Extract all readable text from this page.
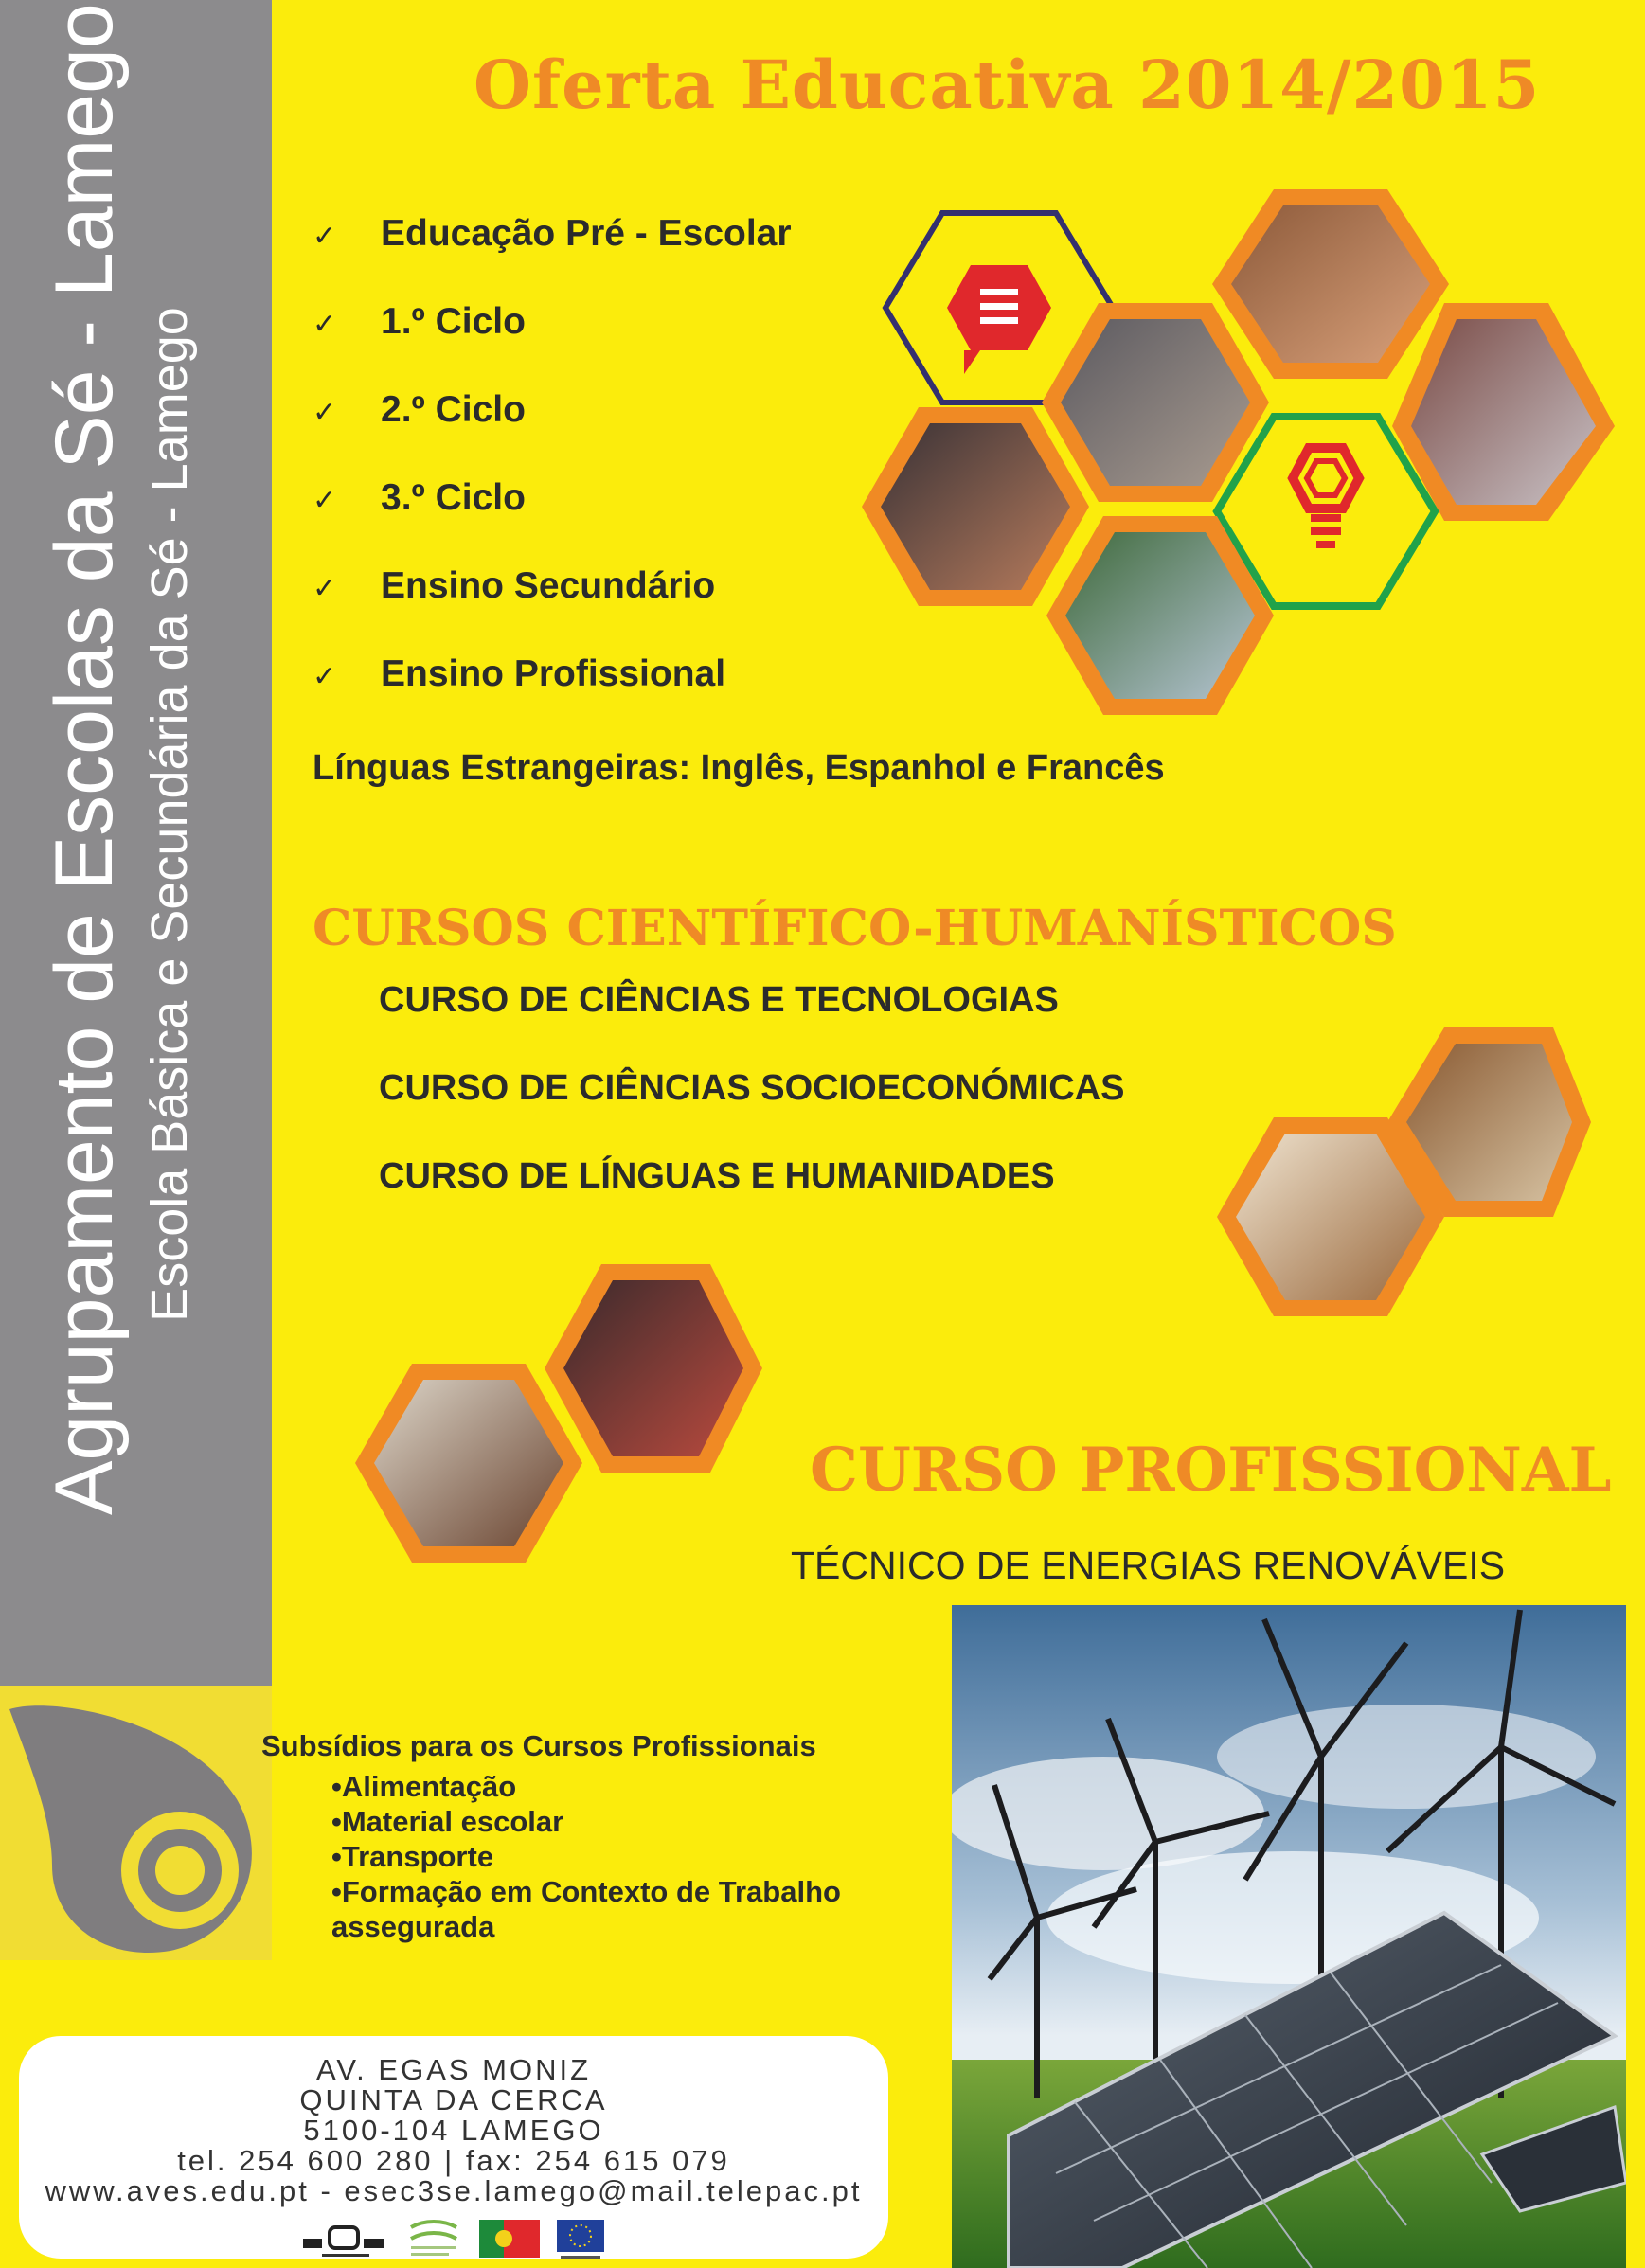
Agrupamento de Escolas da Sé - Lamego Escola Básica e Secundária da Sé - Lamego
Oferta Educativa 2014/2015
✓ Educação Pré - Escolar
✓ 1.º Ciclo
✓ 2.º Ciclo
✓ 3.º Ciclo
✓ Ensino Secundário
✓ Ensino Profissional
Línguas Estrangeiras: Inglês, Espanhol e Francês
CURSOS CIENTÍFICO-HUMANÍSTICOS
CURSO DE CIÊNCIAS E TECNOLOGIAS
CURSO DE CIÊNCIAS SOCIOECONÓMICAS
CURSO DE LÍNGUAS E HUMANIDADES
CURSO PROFISSIONAL
TÉCNICO DE ENERGIAS RENOVÁVEIS
Subsídios para os Cursos Profissionais
•Alimentação
•Material escolar
•Transporte
•Formação em Contexto de Trabalho
assegurada
AV. EGAS MONIZ
QUINTA DA CERCA
5100-104 LAMEGO
tel. 254 600 280 | fax: 254 615 079
www.aves.edu.pt - esec3se.lamego@mail.telepac.pt
